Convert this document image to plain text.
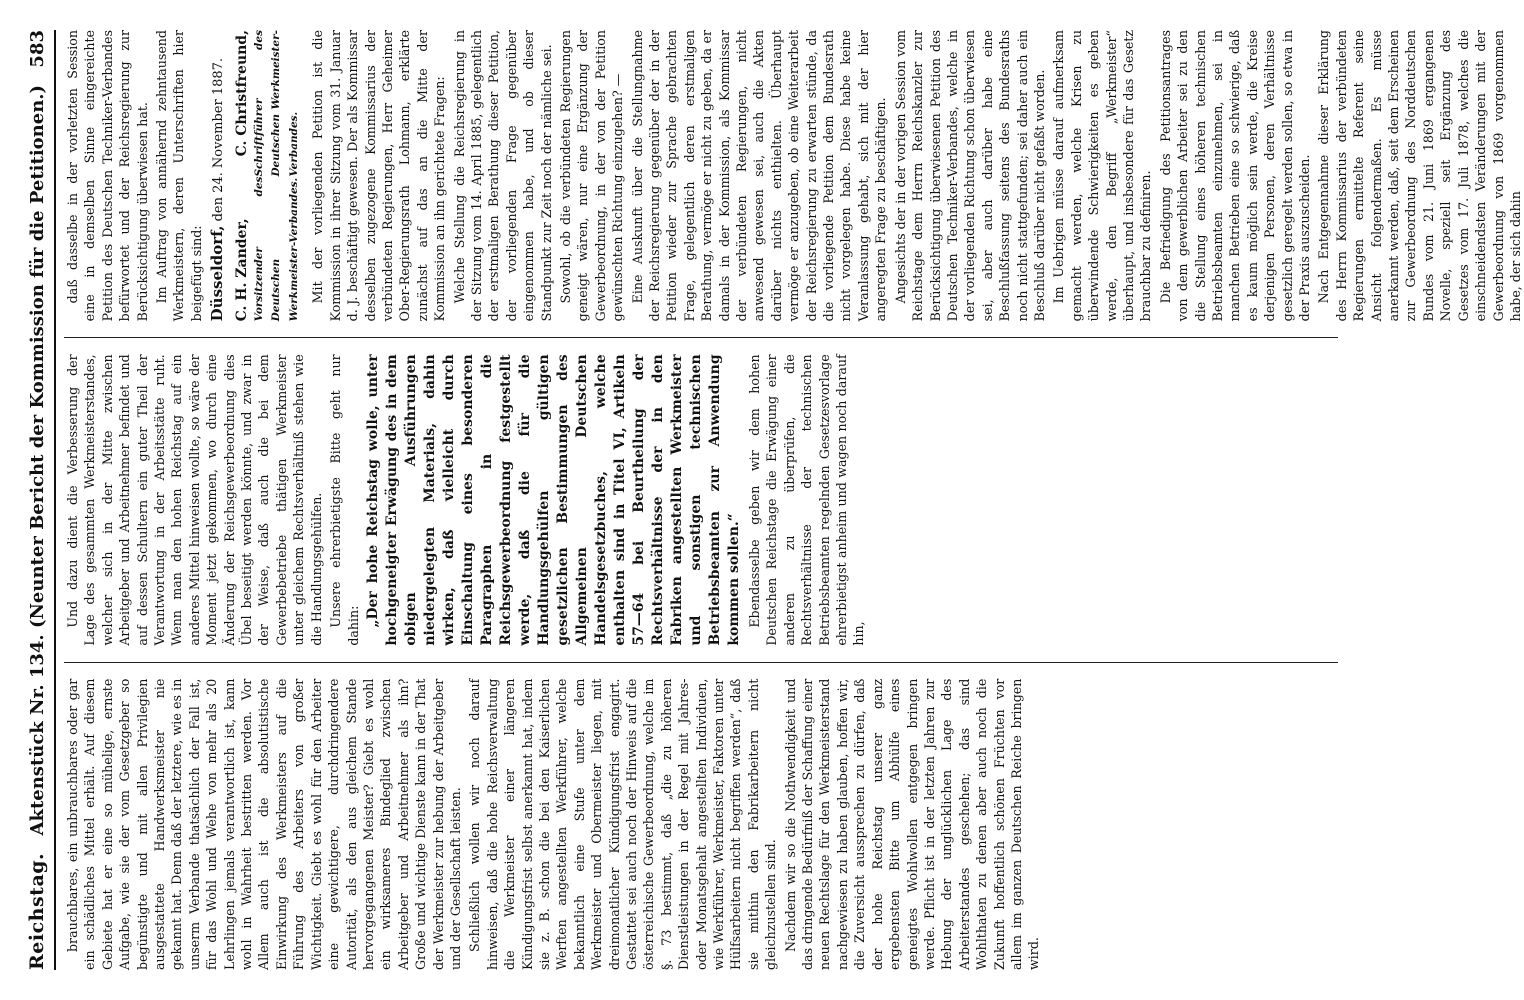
Reichstag.
Aktenstück Nr. 134. (Neunter Bericht der Kommission für die Petitionen.)
583

brauchbares, ein unbrauchbares oder gar ein schädliches Mittel erhält. Auf diesem Gebiete hat er eine so mühelige, ernste Aufgabe, wie sie der vom Gesetzgeber so begünstigte und mit allen Privilegien ausgestattete Handwerksmeister nie gekannt hat. Denn daß der letztere, wie es in unserm Verbande thatsächlich der Fall ist, für das Wohl und Wehe von mehr als 20 Lehrlingen jemals verantwortlich ist, kann wohl in Wahrheit bestritten werden. Vor Allem auch ist die absolutistische Einwirkung des Werkmeisters auf die Führung des Arbeiters von großer Wichtigkeit. Giebt es wohl für den Arbeiter eine gewichtigere, durchdringendere Autorität, als den aus gleichem Stande hervorgegangenen Meister? Giebt es wohl ein wirksameres Bindeglied zwischen Arbeitgeber und Arbeitnehmer als ihn? Große und wichtige Dienste kann in der That der Werkmeister zur hebung der Arbeitgeber und der Gesellschaft leisten. Schließlich wollen wir noch darauf hinweisen, daß die hohe Reichsverwaltung die Werkmeister einer längeren Kündigungsfrist selbst anerkannt hat, indem sie z. B. schon die bei den Kaiserlichen Werften angestellten Werkführer, welche bekanntlich eine Stufe unter dem Werkmeister und Obermeister liegen, mit dreimonatlicher Kündigungsfrist engagirt. Gestattet sei auch noch der Hinweis auf die österreichische Gewerbeordnung, welche im §. 73 bestimmt, daß „die zu höheren Dienstleistungen in der Regel mit Jahres- oder Monatsgehalt angestellten Individuen, wie Werkführer, Werkmeister, Faktoren unter Hülfsarbeitern nicht begriffen werden“, daß sie mithin den Fabrikarbeitern nicht gleichzustellen sind. Nachdem wir so die Nothwendigkeit und das dringende Bedürfniß der Schaffung einer neuen Rechtslage für den Werkmeisterstand nachgewiesen zu haben glauben, hoffen wir, die Zuversicht aussprechen zu dürfen, daß der hohe Reichstag unserer ganz ergebensten Bitte um Abhülfe eines geneigtes Wohlwollen entgegen bringen werde. Pflicht ist in der letzten Jahren zur Hebung der unglücklichen Lage des Arbeiterstandes geschehen; das sind Wohlthaten zu denen aber auch noch die Zukunft hoffentlich schönen Früchten vor allem im ganzen Deutschen Reiche bringen wird.

Und dazu dient die Verbesserung der Lage des gesammten Werkmeisterstandes, welcher sich in der Mitte zwischen Arbeitgeber und Arbeitnehmer befindet und auf dessen Schultern ein guter Theil der Verantwortung in der Arbeitsstätte ruht. Wenn man den hohen Reichstag auf ein anderes Mittel hinweisen wollte, so wäre der Moment jetzt gekommen, wo durch eine Änderung der Reichsgewerbeordnung dies Übel beseitigt werden könnte, und zwar in der Weise, daß auch die bei dem Gewerbebetriebe thätigen Werkmeister unter gleichem Rechtsverhältniß stehen wie die Handlungsgehülfen. Unsere ehrerbietigste Bitte geht nur dahin: „Der hohe Reichstag wolle, unter hochgeneigter Erwägung des in dem obigen Ausführungen niedergelegten Materials, dahin wirken, daß vielleicht durch Einschaltung eines besonderen Paragraphen in die Reichsgewerbeordnung festgestellt werde, daß die für die Handlungsgehülfen gültigen gesetzlichen Bestimmungen des Allgemeinen Deutschen Handelsgesetzbuches, welche enthalten sind in Titel VI, Artikeln 57—64 bei Beurtheilung der Rechtsverhältnisse der in den Fabriken angestellten Werkmeister und sonstigen technischen Betriebsbeamten zur Anwendung kommen sollen.“ Ebendasselbe geben wir dem hohen Deutschen Reichstage die Erwägung einer anderen zu überprüfen, die Rechtsverhältnisse der technischen Betriebsbeamten regelnden Gesetzesvorlage ehrerbietigst anheim und wagen noch darauf hin,

daß dasselbe in der vorletzten Session eine in demselben Sinne eingereichte Petition des Deutschen Techniker-Verbandes befürwortet und der Reichsregierung zur Berücksichtigung überwiesen hat. Im Auftrag von annähernd zehntausend Werkmeistern, deren Unterschriften hier beigefügt sind: Düsseldorf, den 24. November 1887.
C. H. Zander,
C. Christfreund,
Vorsitzender des Deutschen Werkmeister-Verbandes.
Schriftführer des Deutschen Werkmeister-Verbandes. Mit der vorliegenden Petition ist die Kommission in ihrer Sitzung vom 31. Januar d. J. beschäftigt gewesen. Der als Kommissar desselben zugezogene Kommissarius der verbündeten Regierungen, Herr Geheimer Ober-Regierungsrath Lohmann, erklärte zunächst auf das an die Mitte der Kommission an ihn gerichtete Fragen: Welche Stellung die Reichsregierung in der Sitzung vom 14. April 1885, gelegentlich der erstmaligen Berathung dieser Petition, der vorliegenden Frage gegenüber eingenommen habe, und ob dieser Standpunkt zur Zeit noch der nämliche sei. Sowohl, ob die verbündeten Regierungen geneigt wären, nur eine Ergänzung der Gewerbeordnung, in der von der Petition gewünschten Richtung einzugehen? — Eine Auskunft über die Stellungnahme der Reichsregierung gegenüber der in der Petition wieder zur Sprache gebrachten Frage, gelegentlich deren erstmaligen Berathung, vermöge er nicht zu geben, da er damals in der Kommission, als Kommissar der verbündeten Regierungen, nicht anwesend gewesen sei, auch die Akten darüber nichts enthielten. Überhaupt vermöge er anzugeben, ob eine Weiterarbeit der Reichsregierung zu erwarten stünde, da die vorliegende Petition dem Bundesrath nicht vorgelegen habe. Diese habe keine Veranlassung gehabt, sich mit der hier angeregten Frage zu beschäftigen. Angesichts der in der vorigen Session vom Reichstage dem Herrn Reichskanzler zur Berücksichtigung überwiesenen Petition des Deutschen Techniker-Verbandes, welche in der vorliegenden Richtung schon überwiesen sei, aber auch darüber habe eine Beschlußfassung seitens des Bundesraths noch nicht stattgefunden; sei daher auch ein Beschluß darüber nicht gefaßt worden. Im Uebrigen müsse darauf aufmerksam gemacht werden, welche Krisen zu überwindende Schwierigkeiten es geben werde, den Begriff „Werkmeister“ überhaupt, und insbesondere für das Gesetz brauchbar zu definiren. Die Befriedigung des Petitionsantrages von dem gewerblichen Arbeiter sei zu den die Stellung eines höheren technischen Betriebsbeamten einzunehmen, sei in manchen Betrieben eine so schwierige, daß es kaum möglich sein werde, die Kreise derjenigen Personen, deren Verhältnisse gesetzlich geregelt werden sollen, so etwa in der Praxis auszuscheiden. Nach Entgegennahme dieser Erklärung des Herrn Kommissarius der verbündeten Regierungen ermittelte Referent seine Ansicht folgendermaßen. Es müsse anerkannt werden, daß, seit dem Erscheinen zur Gewerbeordnung des Norddeutschen Bundes vom 21. Juni 1869 ergangenen Novelle, speziell seit Ergänzung des Gesetzes vom 17. Juli 1878, welches die einschneidendsten Veränderungen mit der Gewerbeordnung von 1869 vorgenommen habe, der sich dahin
